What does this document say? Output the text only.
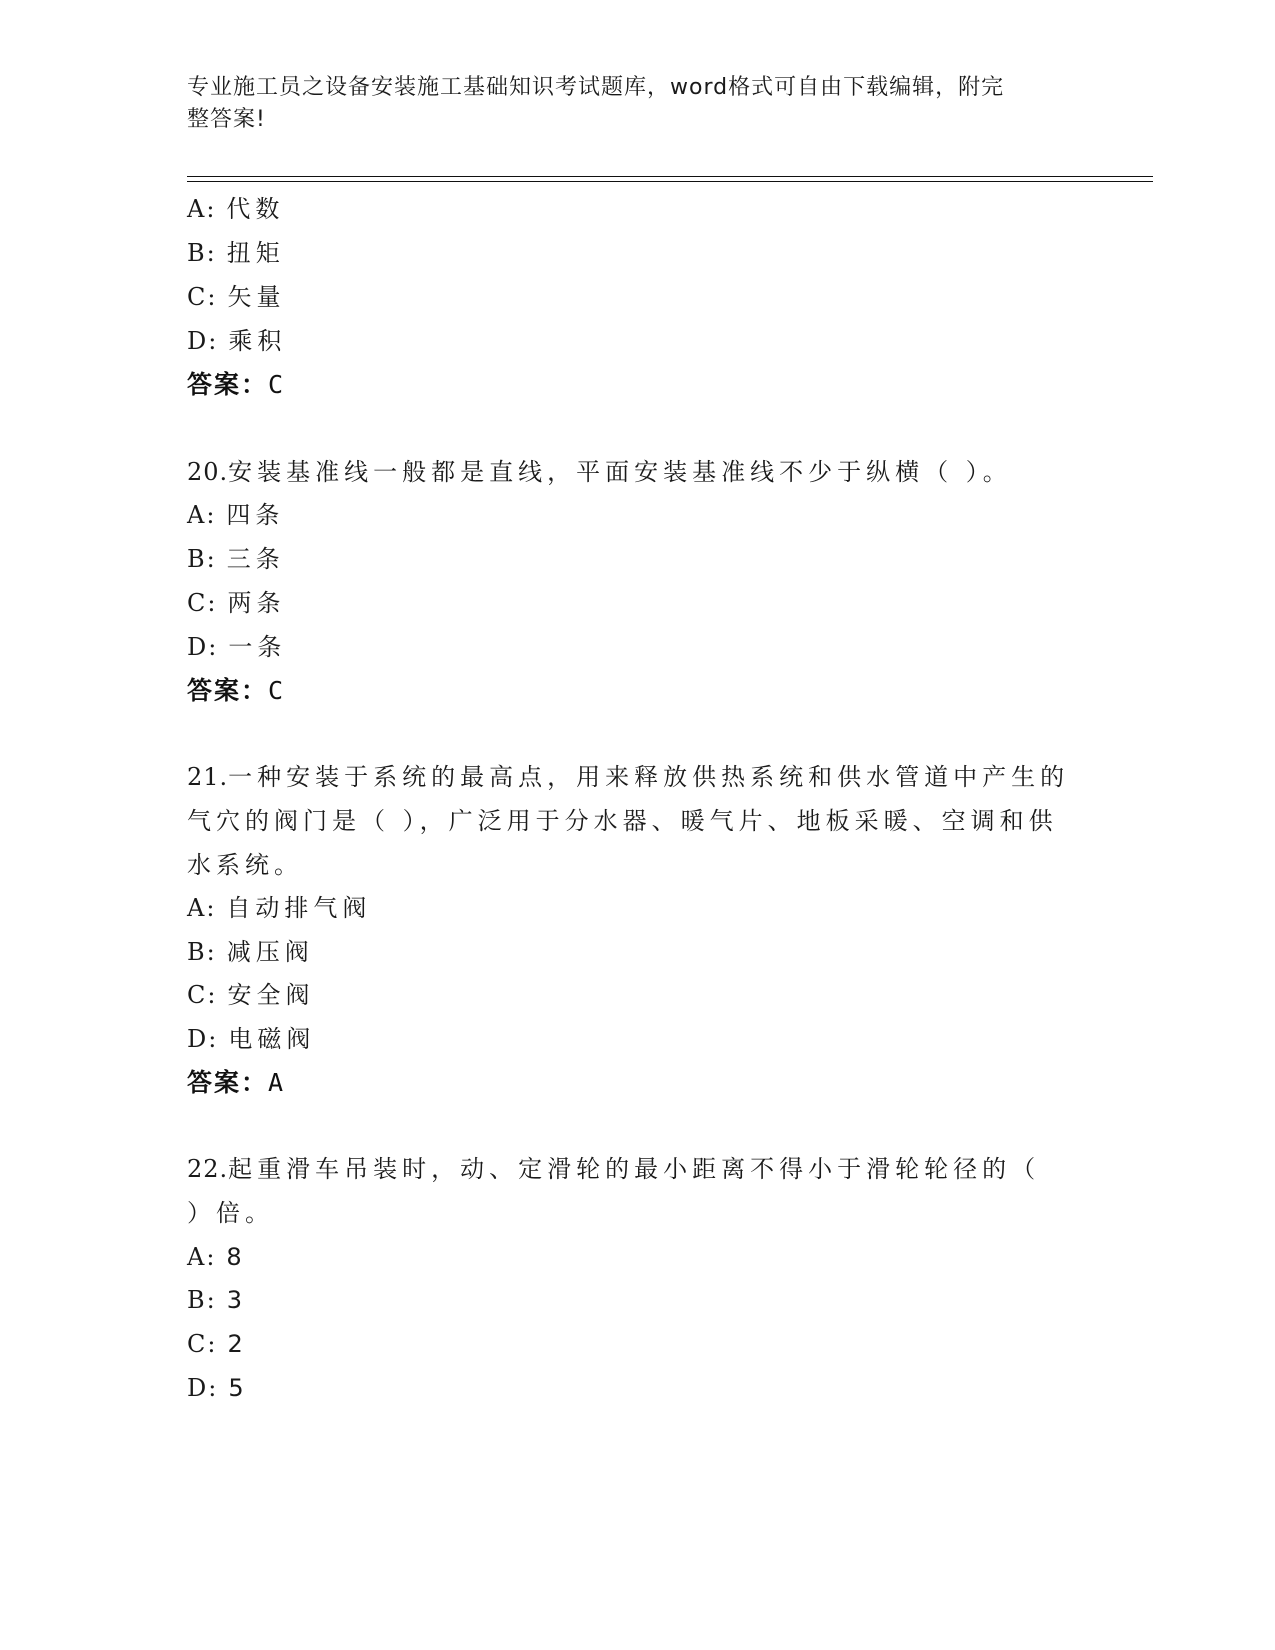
专业施工员之设备安装施工基础知识考试题库，word格式可自由下载编辑，附完
整答案!
A: 代数
B: 扭矩
C: 矢量
D: 乘积
答案：C
20.安装基准线一般都是直线，平面安装基准线不少于纵横（ ）。
A: 四条
B: 三条
C: 两条
D: 一条
答案：C
21.一种安装于系统的最高点，用来释放供热系统和供水管道中产生的
气穴的阀门是（ ），广泛用于分水器、暖气片、地板采暖、空调和供
水系统。
A: 自动排气阀
B: 减压阀
C: 安全阀
D: 电磁阀
答案：A
22.起重滑车吊装时，动、定滑轮的最小距离不得小于滑轮轮径的（
）倍。
A: 8
B: 3
C: 2
D: 5
